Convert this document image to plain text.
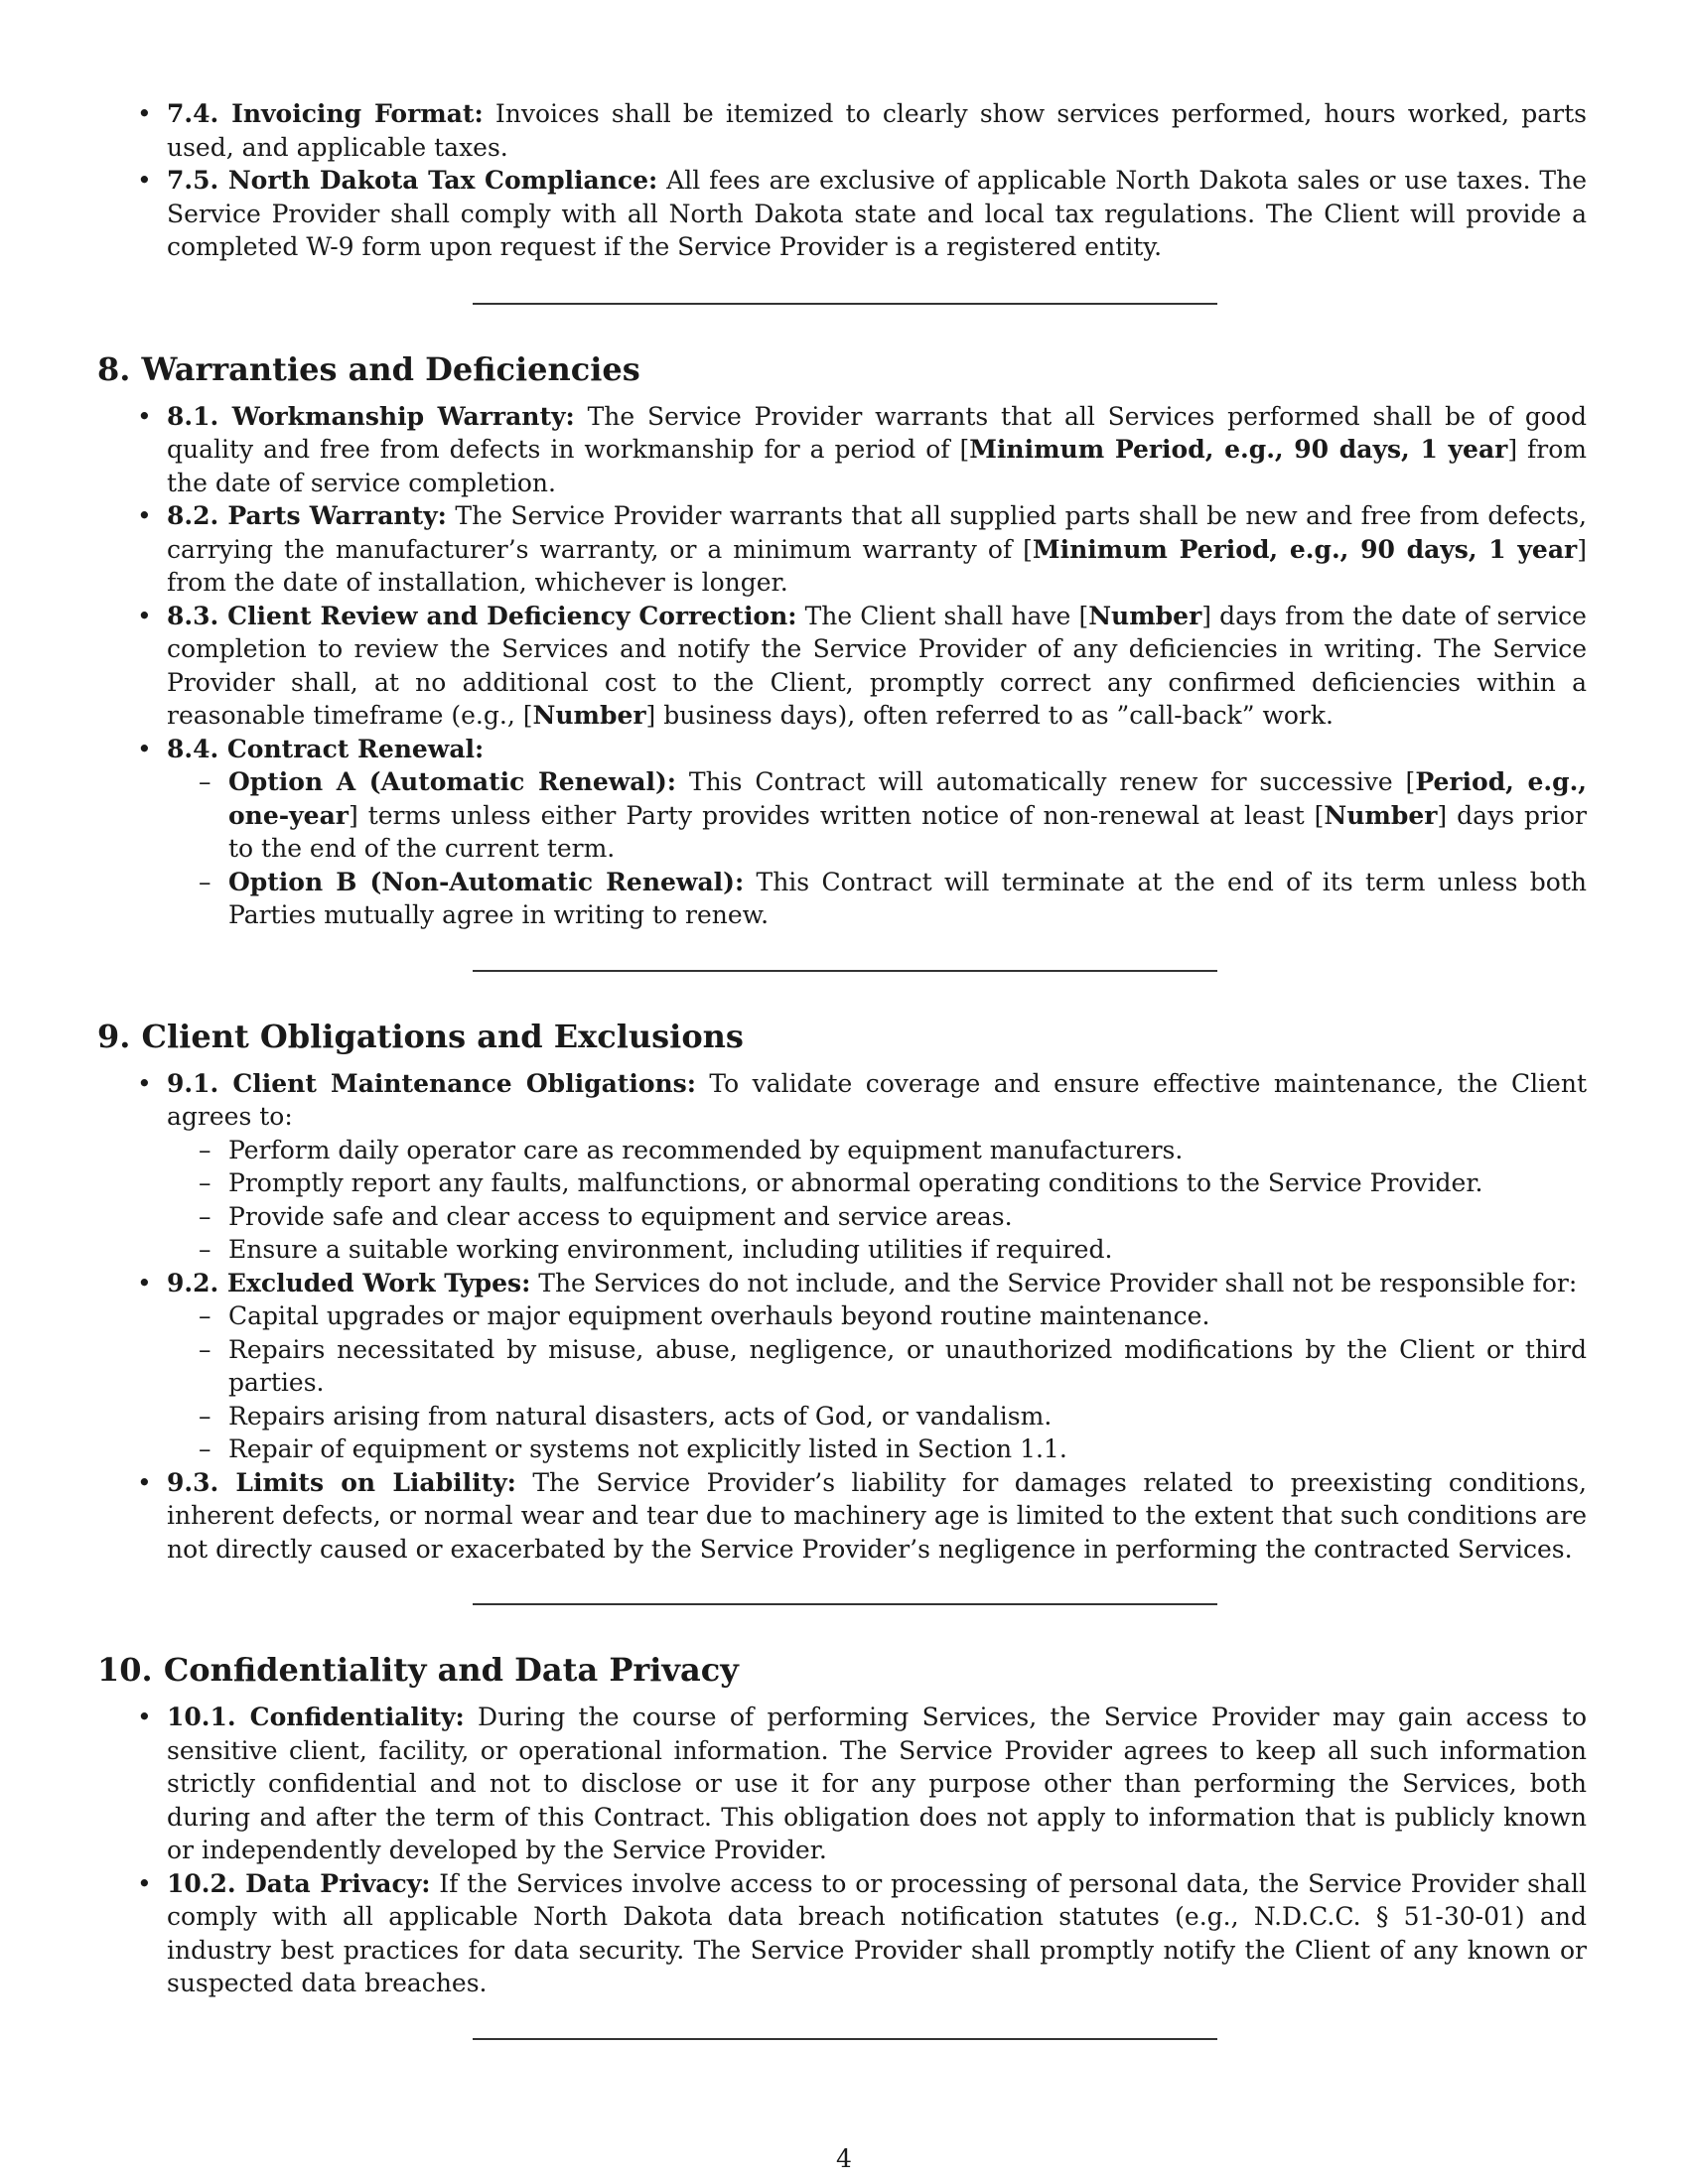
• 7.4. Invoicing Format: Invoices shall be itemized to clearly show services performed, hours worked, parts used, and applicable taxes.
• 7.5. North Dakota Tax Compliance: All fees are exclusive of applicable North Dakota sales or use taxes. The Service Provider shall comply with all North Dakota state and local tax regulations. The Client will provide a completed W-9 form upon request if the Service Provider is a registered entity.
8. Warranties and Deficiencies
• 8.1. Workmanship Warranty: The Service Provider warrants that all Services performed shall be of good quality and free from defects in workmanship for a period of [Minimum Period, e.g., 90 days, 1 year] from the date of service completion.
• 8.2. Parts Warranty: The Service Provider warrants that all supplied parts shall be new and free from defects, carrying the manufacturer’s warranty, or a minimum warranty of [Minimum Period, e.g., 90 days, 1 year] from the date of installation, whichever is longer.
• 8.3. Client Review and Deficiency Correction: The Client shall have [Number] days from the date of service completion to review the Services and notify the Service Provider of any deficiencies in writing. The Service Provider shall, at no additional cost to the Client, promptly correct any confirmed deficiencies within a reasonable timeframe (e.g., [Number] business days), often referred to as ”call-back” work.
• 8.4. Contract Renewal:
– Option A (Automatic Renewal): This Contract will automatically renew for successive [Period, e.g., one-year] terms unless either Party provides written notice of non-renewal at least [Number] days prior to the end of the current term.
– Option B (Non-Automatic Renewal): This Contract will terminate at the end of its term unless both Parties mutually agree in writing to renew.
9. Client Obligations and Exclusions
• 9.1. Client Maintenance Obligations: To validate coverage and ensure effective maintenance, the Client agrees to:
– Perform daily operator care as recommended by equipment manufacturers.
– Promptly report any faults, malfunctions, or abnormal operating conditions to the Service Provider.
– Provide safe and clear access to equipment and service areas.
– Ensure a suitable working environment, including utilities if required.
• 9.2. Excluded Work Types: The Services do not include, and the Service Provider shall not be responsible for:
– Capital upgrades or major equipment overhauls beyond routine maintenance.
– Repairs necessitated by misuse, abuse, negligence, or unauthorized modifications by the Client or third parties.
– Repairs arising from natural disasters, acts of God, or vandalism.
– Repair of equipment or systems not explicitly listed in Section 1.1.
• 9.3. Limits on Liability: The Service Provider’s liability for damages related to preexisting conditions, inherent defects, or normal wear and tear due to machinery age is limited to the extent that such conditions are not directly caused or exacerbated by the Service Provider’s negligence in performing the contracted Services.
10. Confidentiality and Data Privacy
• 10.1. Confidentiality: During the course of performing Services, the Service Provider may gain access to sensitive client, facility, or operational information. The Service Provider agrees to keep all such information strictly confidential and not to disclose or use it for any purpose other than performing the Services, both during and after the term of this Contract. This obligation does not apply to information that is publicly known or independently developed by the Service Provider.
• 10.2. Data Privacy: If the Services involve access to or processing of personal data, the Service Provider shall comply with all applicable North Dakota data breach notification statutes (e.g., N.D.C.C. § 51-30-01) and industry best practices for data security. The Service Provider shall promptly notify the Client of any known or suspected data breaches.
4
